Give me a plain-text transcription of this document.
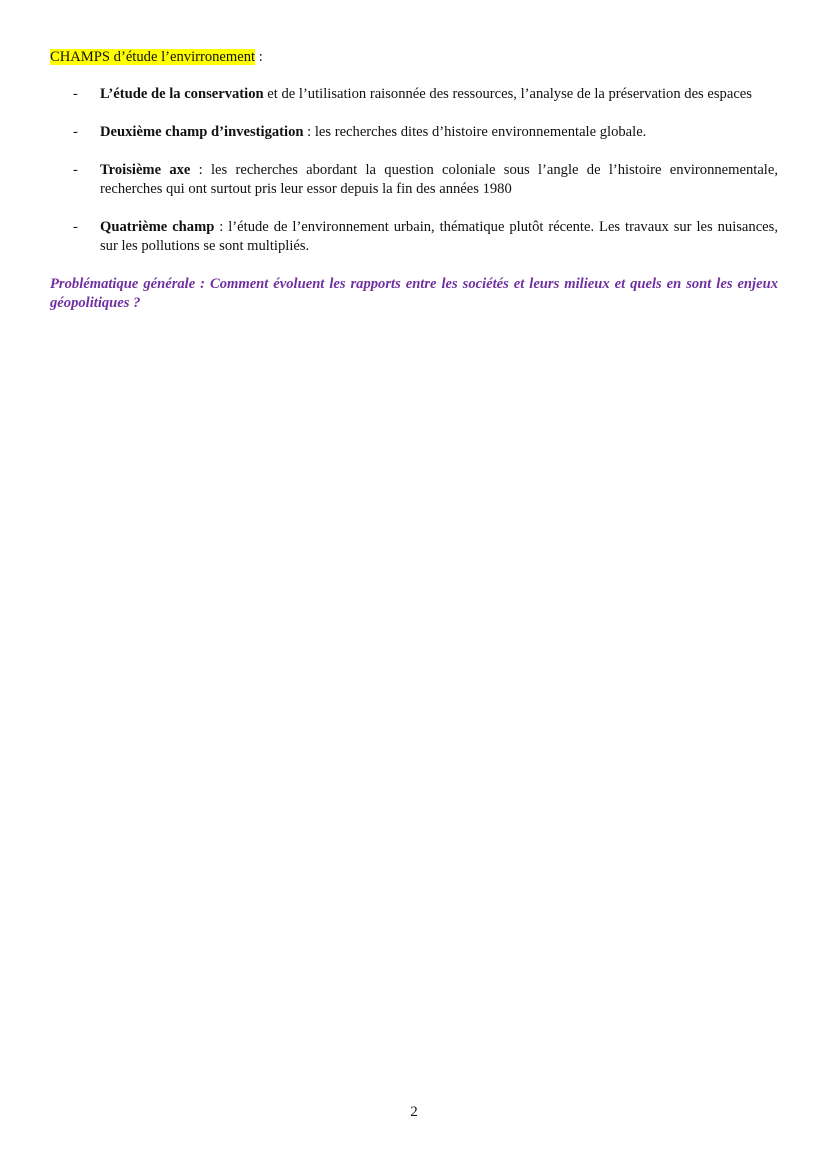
CHAMPS d’étude l’envirronement :

- L’étude de la conservation et de l’utilisation raisonnée des ressources, l’analyse de la préservation des espaces
- Deuxième champ d’investigation : les recherches dites d’histoire environnementale globale.
- Troisième axe : les recherches abordant la question coloniale sous l’angle de l’histoire environnementale, recherches qui ont surtout pris leur essor depuis la fin des années 1980
- Quatrième champ : l’étude de l’environnement urbain, thématique plutôt récente. Les travaux sur les nuisances, sur les pollutions se sont multipliés.

Problématique générale : Comment évoluent les rapports entre les sociétés et leurs milieux et quels en sont les enjeux géopolitiques ?

2
